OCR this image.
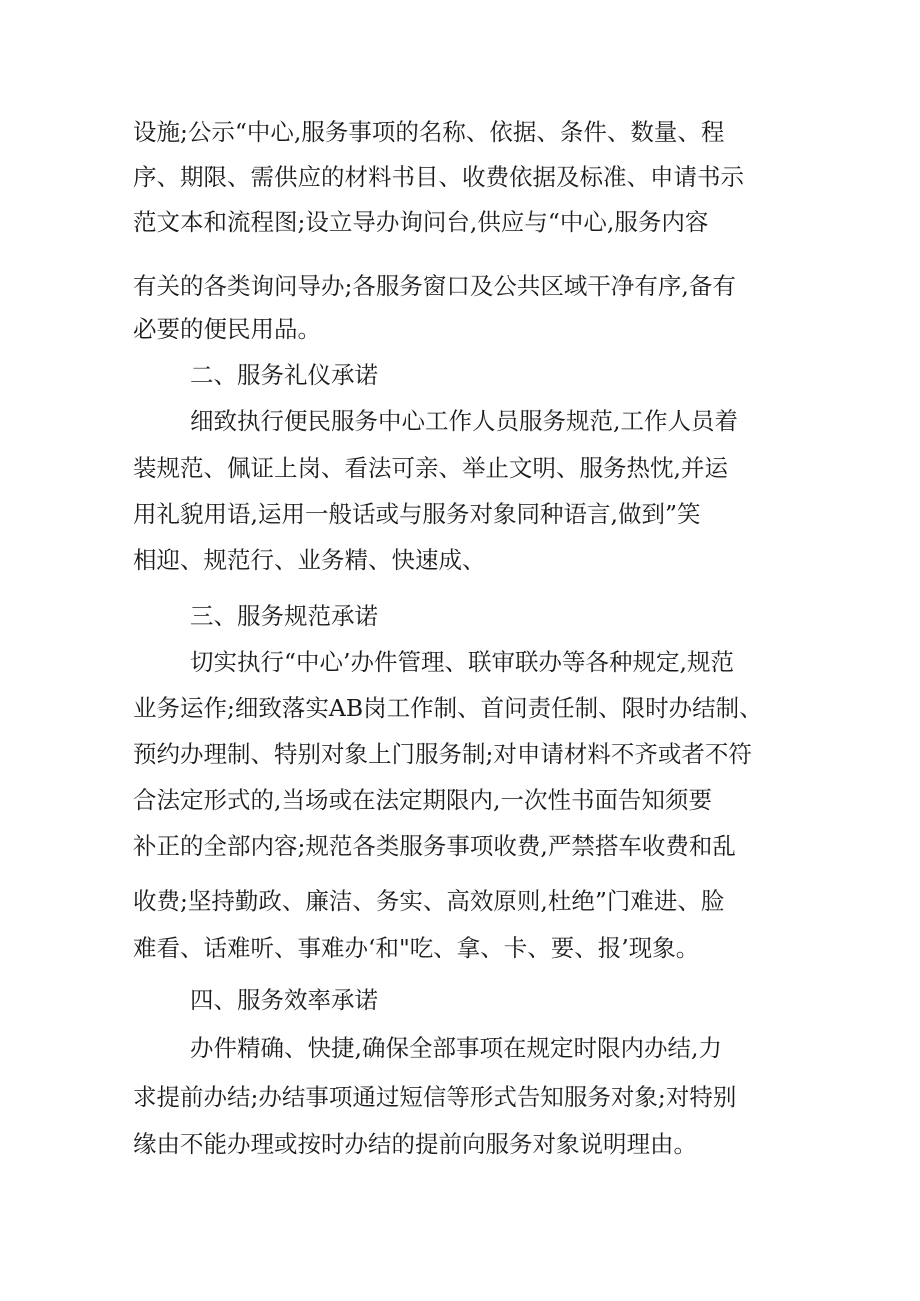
设施;公示“中心,服务事项的名称、依据、条件、数量、程
序、期限、需供应的材料书目、收费依据及标准、申请书示
范文本和流程图;设立导办询问台,供应与“中心,服务内容
有关的各类询问导办;各服务窗口及公共区域干净有序,备有
必要的便民用品。
二、服务礼仪承诺
细致执行便民服务中心工作人员服务规范,工作人员着
装规范、佩证上岗、看法可亲、举止文明、服务热忱,并运
用礼貌用语,运用一般话或与服务对象同种语言,做到”笑
相迎、规范行、业务精、快速成、
三、服务规范承诺
切实执行“中心’办件管理、联审联办等各种规定,规范
业务运作;细致落实AB岗工作制、首问责任制、限时办结制、
预约办理制、特别对象上门服务制;对申请材料不齐或者不符
合法定形式的,当场或在法定期限内,一次性书面告知须要
补正的全部内容;规范各类服务事项收费,严禁搭车收费和乱
收费;坚持勤政、廉洁、务实、高效原则,杜绝”门难进、脸
难看、话难听、事难办‘和"吃、拿、卡、要、报’现象。
四、服务效率承诺
办件精确、快捷,确保全部事项在规定时限内办结,力
求提前办结;办结事项通过短信等形式告知服务对象;对特别
缘由不能办理或按时办结的提前向服务对象说明理由。
